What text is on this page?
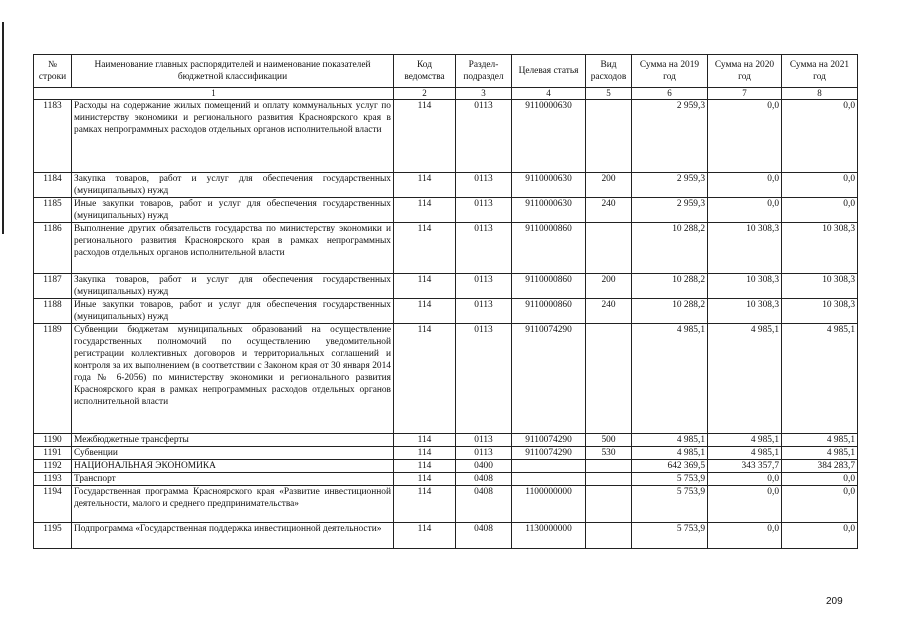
№ строки	Наименование главных распорядителей и наименование показателей бюджетной классификации	Код ведомства	Раздел-подраздел	Целевая статья	Вид расходов	Сумма на 2019 год	Сумма на 2020 год	Сумма на 2021 год
1		2	3	4	5	6	7	8
1183	Расходы на содержание жилых помещений и оплату коммунальных услуг по министерству экономики и регионального развития Красноярского края в рамках непрограммных расходов отдельных органов исполнительной власти	114	0113	9110000630		2 959,3	0,0	0,0
1184	Закупка товаров, работ и услуг для обеспечения государственных (муниципальных) нужд	114	0113	9110000630	200	2 959,3	0,0	0,0
1185	Иные закупки товаров, работ и услуг для обеспечения государственных (муниципальных) нужд	114	0113	9110000630	240	2 959,3	0,0	0,0
1186	Выполнение других обязательств государства по министерству экономики и регионального развития Красноярского края в рамках непрограммных расходов отдельных органов исполнительной власти	114	0113	9110000860		10 288,2	10 308,3	10 308,3
1187	Закупка товаров, работ и услуг для обеспечения государственных (муниципальных) нужд	114	0113	9110000860	200	10 288,2	10 308,3	10 308,3
1188	Иные закупки товаров, работ и услуг для обеспечения государственных (муниципальных) нужд	114	0113	9110000860	240	10 288,2	10 308,3	10 308,3
1189	Субвенции бюджетам муниципальных образований на осуществление государственных полномочий по осуществлению уведомительной регистрации коллективных договоров и территориальных соглашений и контроля за их выполнением (в соответствии с Законом края от 30 января 2014 года № 6-2056) по министерству экономики и регионального развития Красноярского края в рамках непрограммных расходов отдельных органов исполнительной власти	114	0113	9110074290		4 985,1	4 985,1	4 985,1
1190	Межбюджетные трансферты	114	0113	9110074290	500	4 985,1	4 985,1	4 985,1
1191	Субвенции	114	0113	9110074290	530	4 985,1	4 985,1	4 985,1
1192	НАЦИОНАЛЬНАЯ ЭКОНОМИКА	114	0400			642 369,5	343 357,7	384 283,7
1193	Транспорт	114	0408			5 753,9	0,0	0,0
1194	Государственная программа Красноярского края «Развитие инвестиционной деятельности, малого и среднего предпринимательства»	114	0408	1100000000		5 753,9	0,0	0,0
1195	Подпрограмма «Государственная поддержка инвестиционной деятельности»	114	0408	1130000000		5 753,9	0,0	0,0
209
